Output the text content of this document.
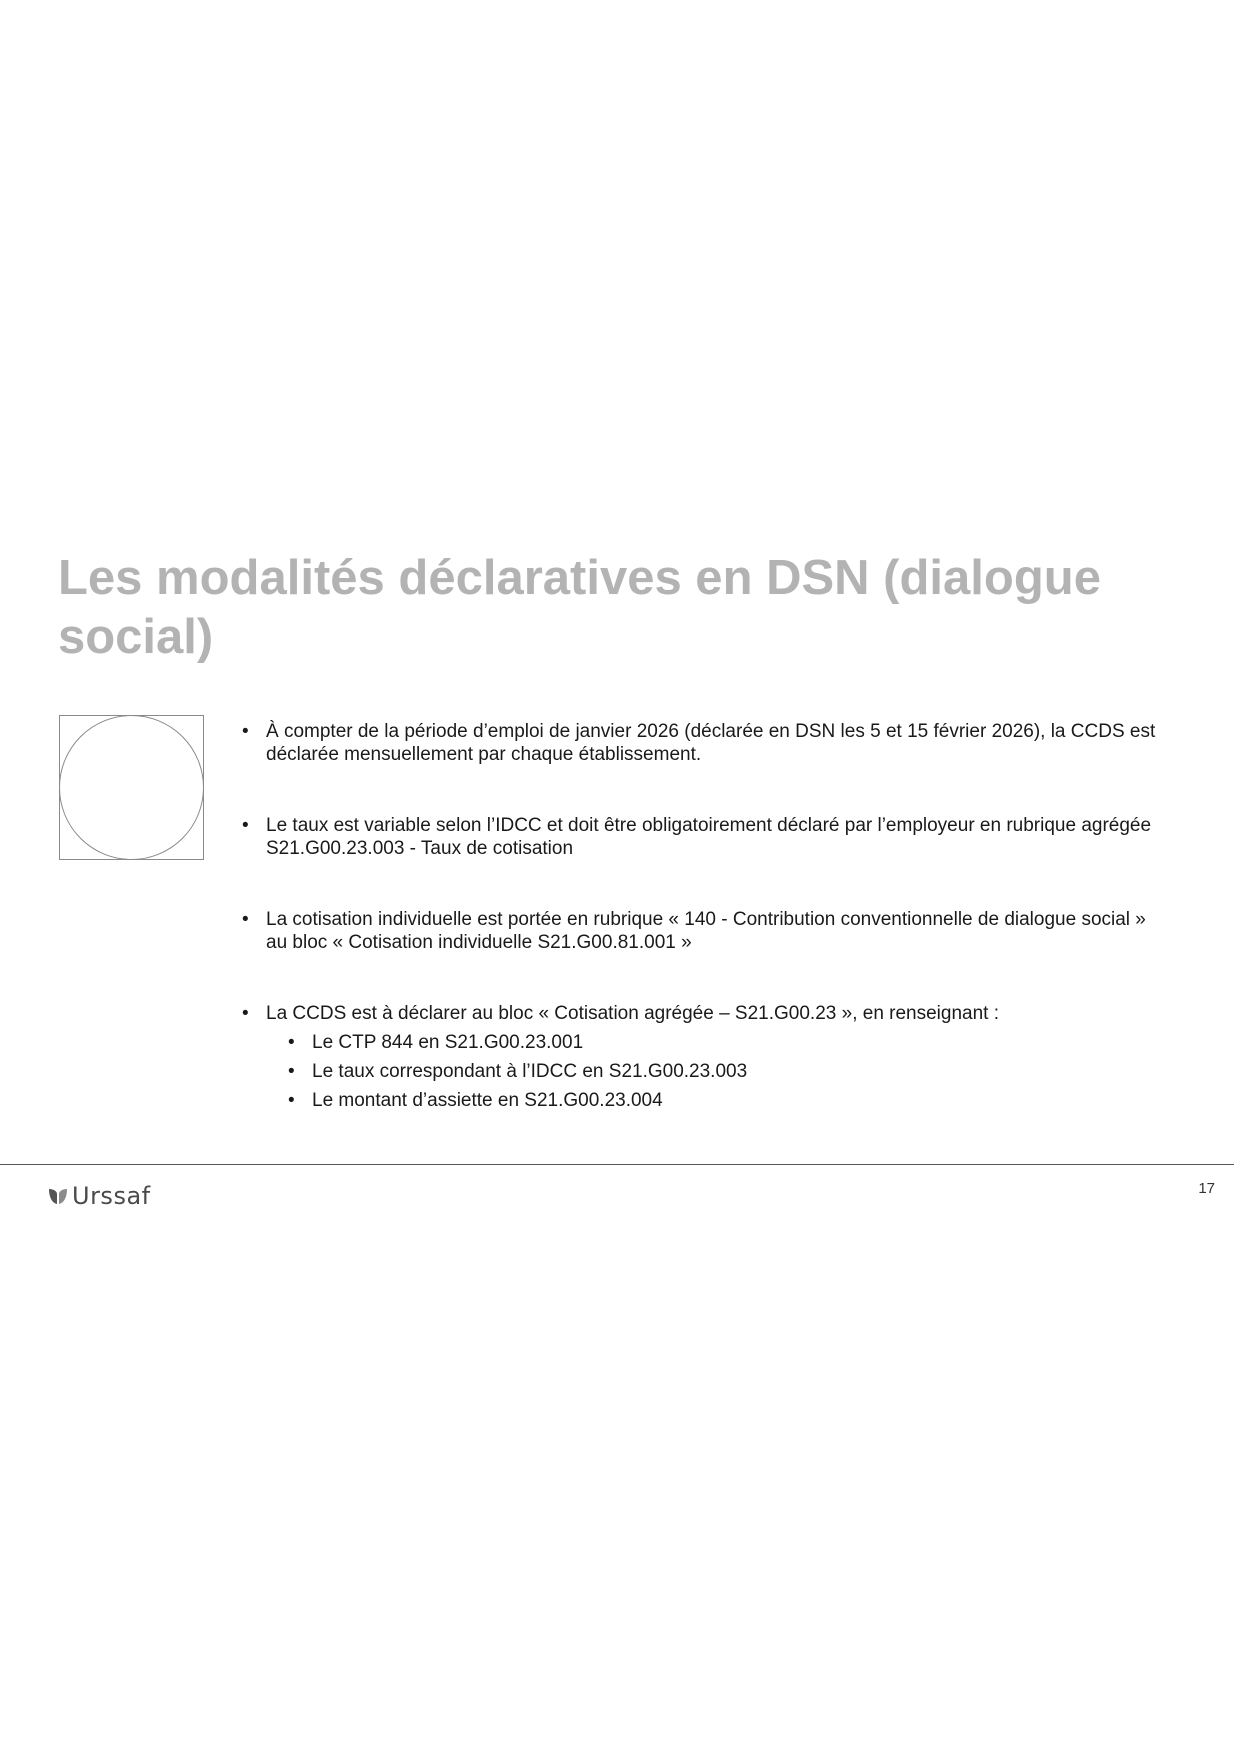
Les modalités déclaratives en DSN (dialogue social)
• À compter de la période d’emploi de janvier 2026 (déclarée en DSN les 5 et 15 février 2026), la CCDS est déclarée mensuellement par chaque établissement.
• Le taux est variable selon l’IDCC et doit être obligatoirement déclaré par l’employeur en rubrique agrégée S21.G00.23.003 - Taux de cotisation
• La cotisation individuelle est portée en rubrique « 140 - Contribution conventionnelle de dialogue social » au bloc « Cotisation individuelle S21.G00.81.001 »
• La CCDS est à déclarer au bloc « Cotisation agrégée – S21.G00.23 », en renseignant :
• Le CTP 844 en S21.G00.23.001
• Le taux correspondant à l’IDCC en S21.G00.23.003
• Le montant d’assiette en S21.G00.23.004
Urssaf	17
